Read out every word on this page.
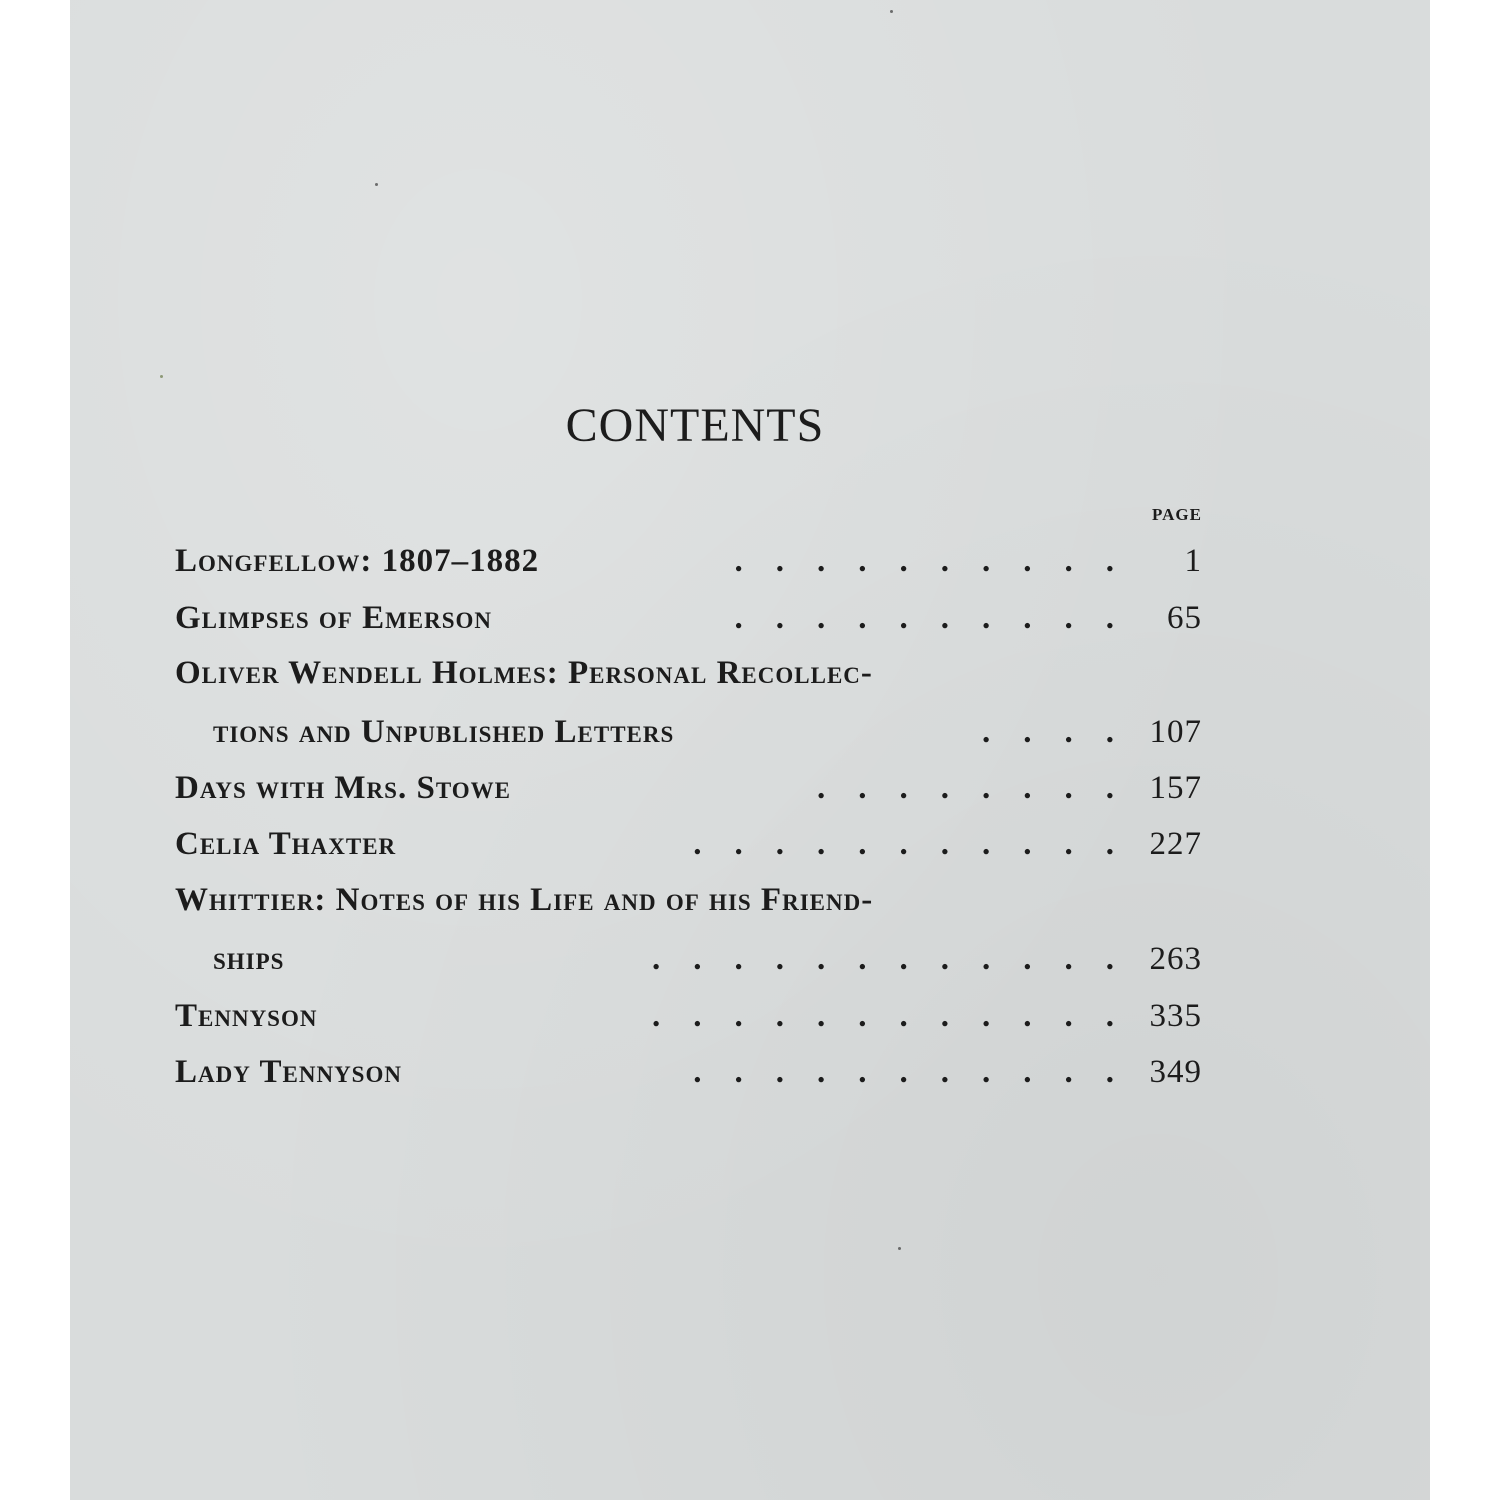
CONTENTS
PAGE
Longfellow: 1807–1882	.    .    .    .    .    .    .    .    .    . 1
Glimpses of Emerson	.    .    .    .    .    .    .    .    .    . 65
Oliver Wendell Holmes: Personal Recollec-
tions and Unpublished Letters	.    .    .    . 107
Days with Mrs. Stowe	.    .    .    .    .    .    .    . 157
Celia Thaxter	.    .    .    .    .    .    .    .    .    .    . 227
Whittier: Notes of his Life and of his Friend-
ships	.    .    .    .    .    .    .    .    .    .    .    . 263
Tennyson	.    .    .    .    .    .    .    .    .    .    .    . 335
Lady Tennyson	.    .    .    .    .    .    .    .    .    .    . 349
